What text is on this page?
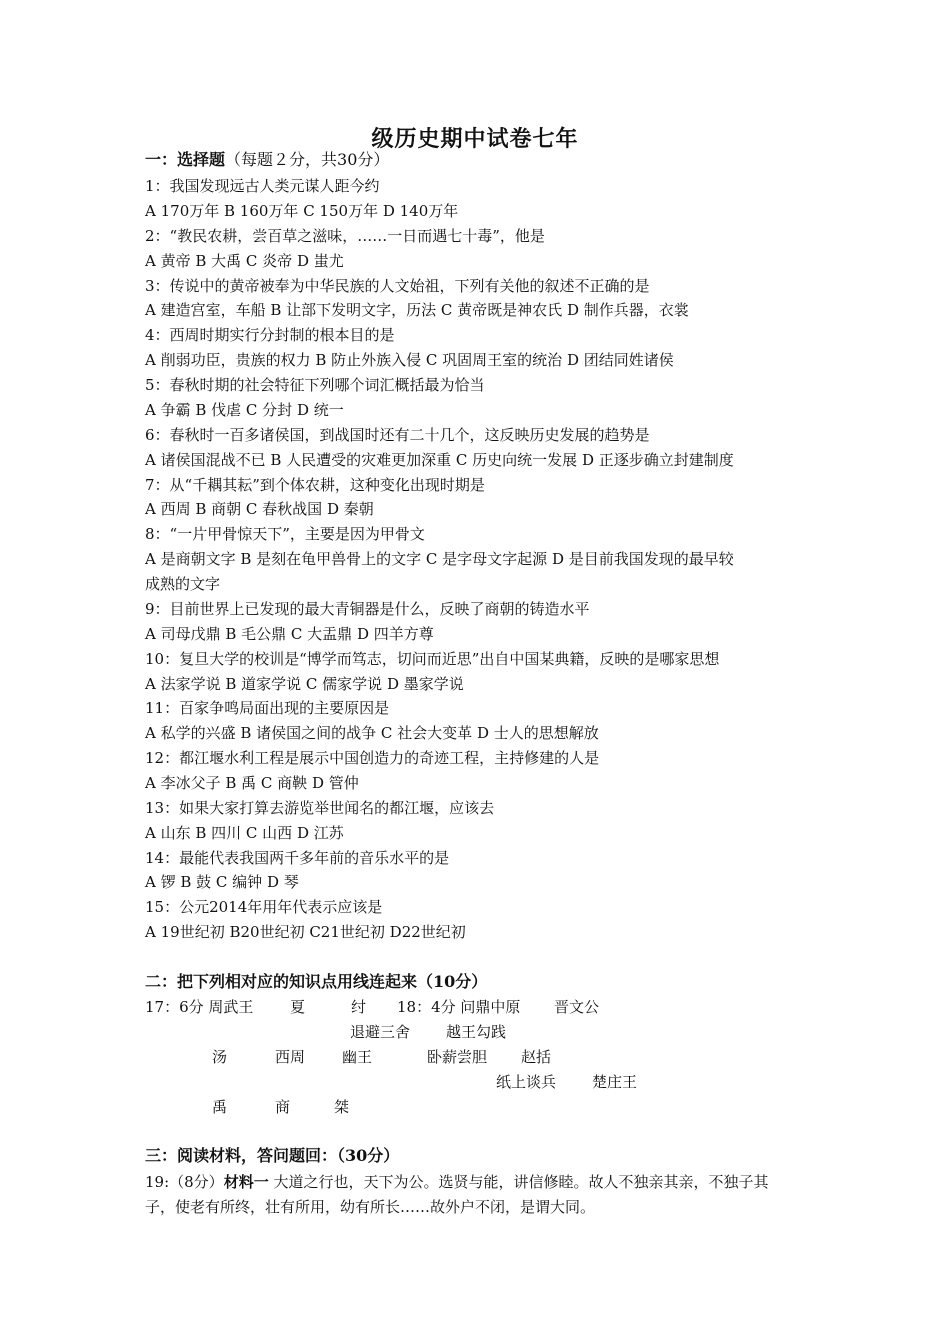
级历史期中试卷七年
一：选择题（每题２分，共30分）
1：我国发现远古人类元谋人距今约
A 170万年 B 160万年 C 150万年 D 140万年
2：“教民农耕，尝百草之滋味，……一日而遇七十毒”，他是
A 黄帝 B 大禹 C 炎帝 D 蚩尤
3：传说中的黄帝被奉为中华民族的人文始祖，下列有关他的叙述不正确的是
A 建造宫室，车船 B 让部下发明文字，历法 C 黄帝既是神农氏 D 制作兵器，衣裳
4：西周时期实行分封制的根本目的是
A 削弱功臣，贵族的权力 B 防止外族入侵 C 巩固周王室的统治 D 团结同姓诸侯
5：春秋时期的社会特征下列哪个词汇概括最为恰当
A 争霸 B 伐虐 C 分封 D 统一
6：春秋时一百多诸侯国，到战国时还有二十几个，这反映历史发展的趋势是
A 诸侯国混战不已 B 人民遭受的灾难更加深重 C 历史向统一发展 D 正逐步确立封建制度
7：从“千耦其耘”到个体农耕，这种变化出现时期是
A 西周 B 商朝 C 春秋战国 D 秦朝
8：“一片甲骨惊天下”，主要是因为甲骨文
A 是商朝文字 B 是刻在龟甲兽骨上的文字 C 是字母文字起源 D 是目前我国发现的最早较
成熟的文字
9：目前世界上已发现的最大青铜器是什么，反映了商朝的铸造水平
A 司母戊鼎 B 毛公鼎 C 大盂鼎 D 四羊方尊
10：复旦大学的校训是“博学而笃志，切问而近思”出自中国某典籍，反映的是哪家思想
A 法家学说 B 道家学说 C 儒家学说 D 墨家学说
11：百家争鸣局面出现的主要原因是
A 私学的兴盛 B 诸侯国之间的战争 C 社会大变革 D 士人的思想解放
12：都江堰水利工程是展示中国创造力的奇迹工程，主持修建的人是
A 李冰父子 B 禹 C 商鞅 D 管仲
13：如果大家打算去游览举世闻名的都江堰，应该去
A 山东 B 四川 C 山西 D 江苏
14：最能代表我国两千多年前的音乐水平的是
A 锣 B 鼓 C 编钟 D 琴
15：公元2014年用年代表示应该是
A 19世纪初 B20世纪初 C21世纪初 D22世纪初
二：把下列相对应的知识点用线连起来（10分）
17：6分 周武王 夏	纣 18：4分 问鼎中原 晋文公
退避三舍 越王勾践
汤	西周 幽王	卧薪尝胆 赵括
纸上谈兵 楚庄王
禹	商	桀
三：阅读材料，答问题回：（30分）
19:（8分）材料一 大道之行也，天下为公。选贤与能，讲信修睦。故人不独亲其亲，不独子其
子，使老有所终，壮有所用，幼有所长……故外户不闭，是谓大同。
